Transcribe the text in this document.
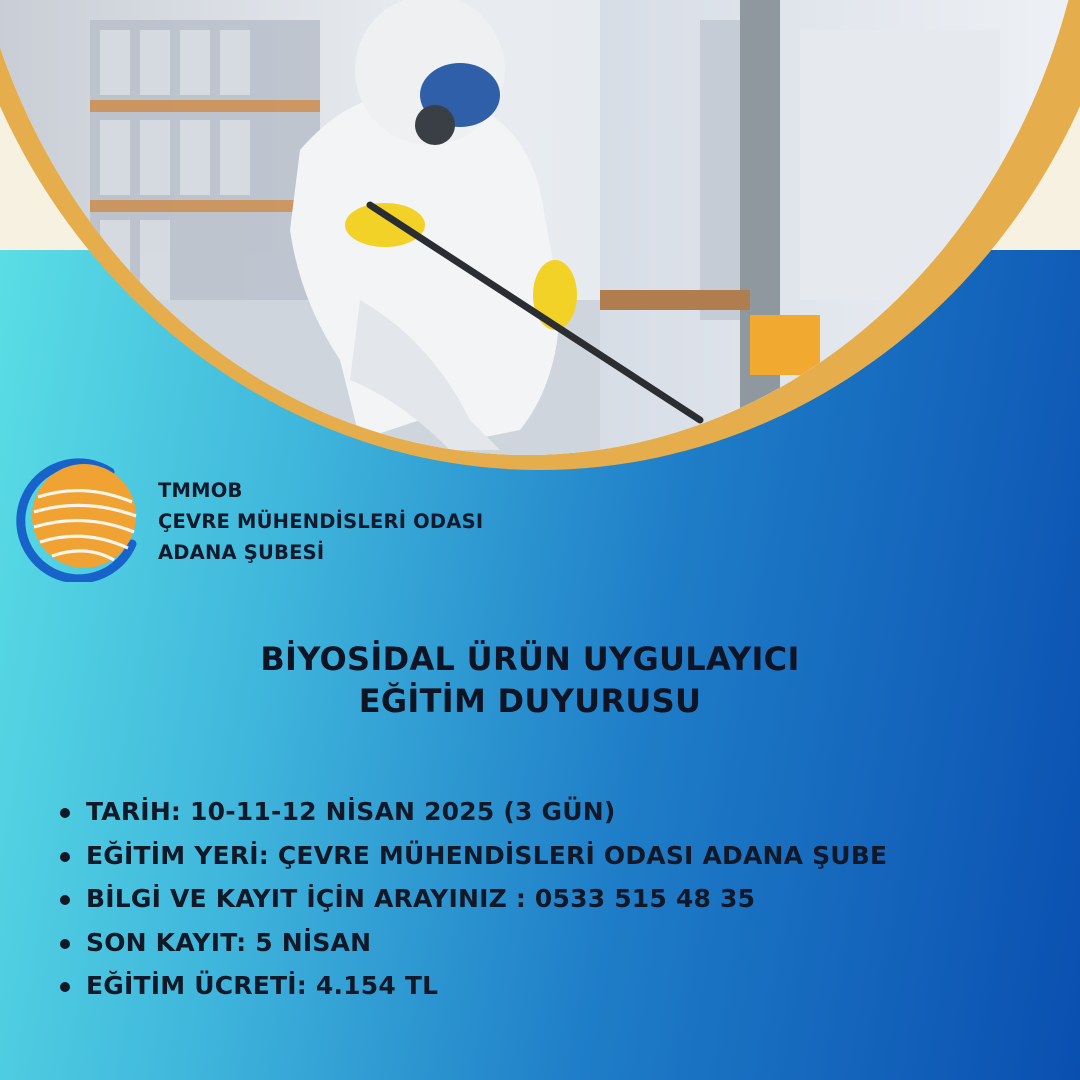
TMMOB
ÇEVRE MÜHENDİSLERİ ODASI
ADANA ŞUBESİ
BİYOSİDAL ÜRÜN UYGULAYICI
EĞİTİM DUYURUSU
TARİH: 10-11-12 NİSAN 2025 (3 GÜN)
EĞİTİM YERİ: ÇEVRE MÜHENDİSLERİ ODASI ADANA ŞUBE
BİLGİ VE KAYIT İÇİN ARAYINIZ : 0533 515 48 35
SON KAYIT: 5 NİSAN
EĞİTİM ÜCRETİ: 4.154 TL
